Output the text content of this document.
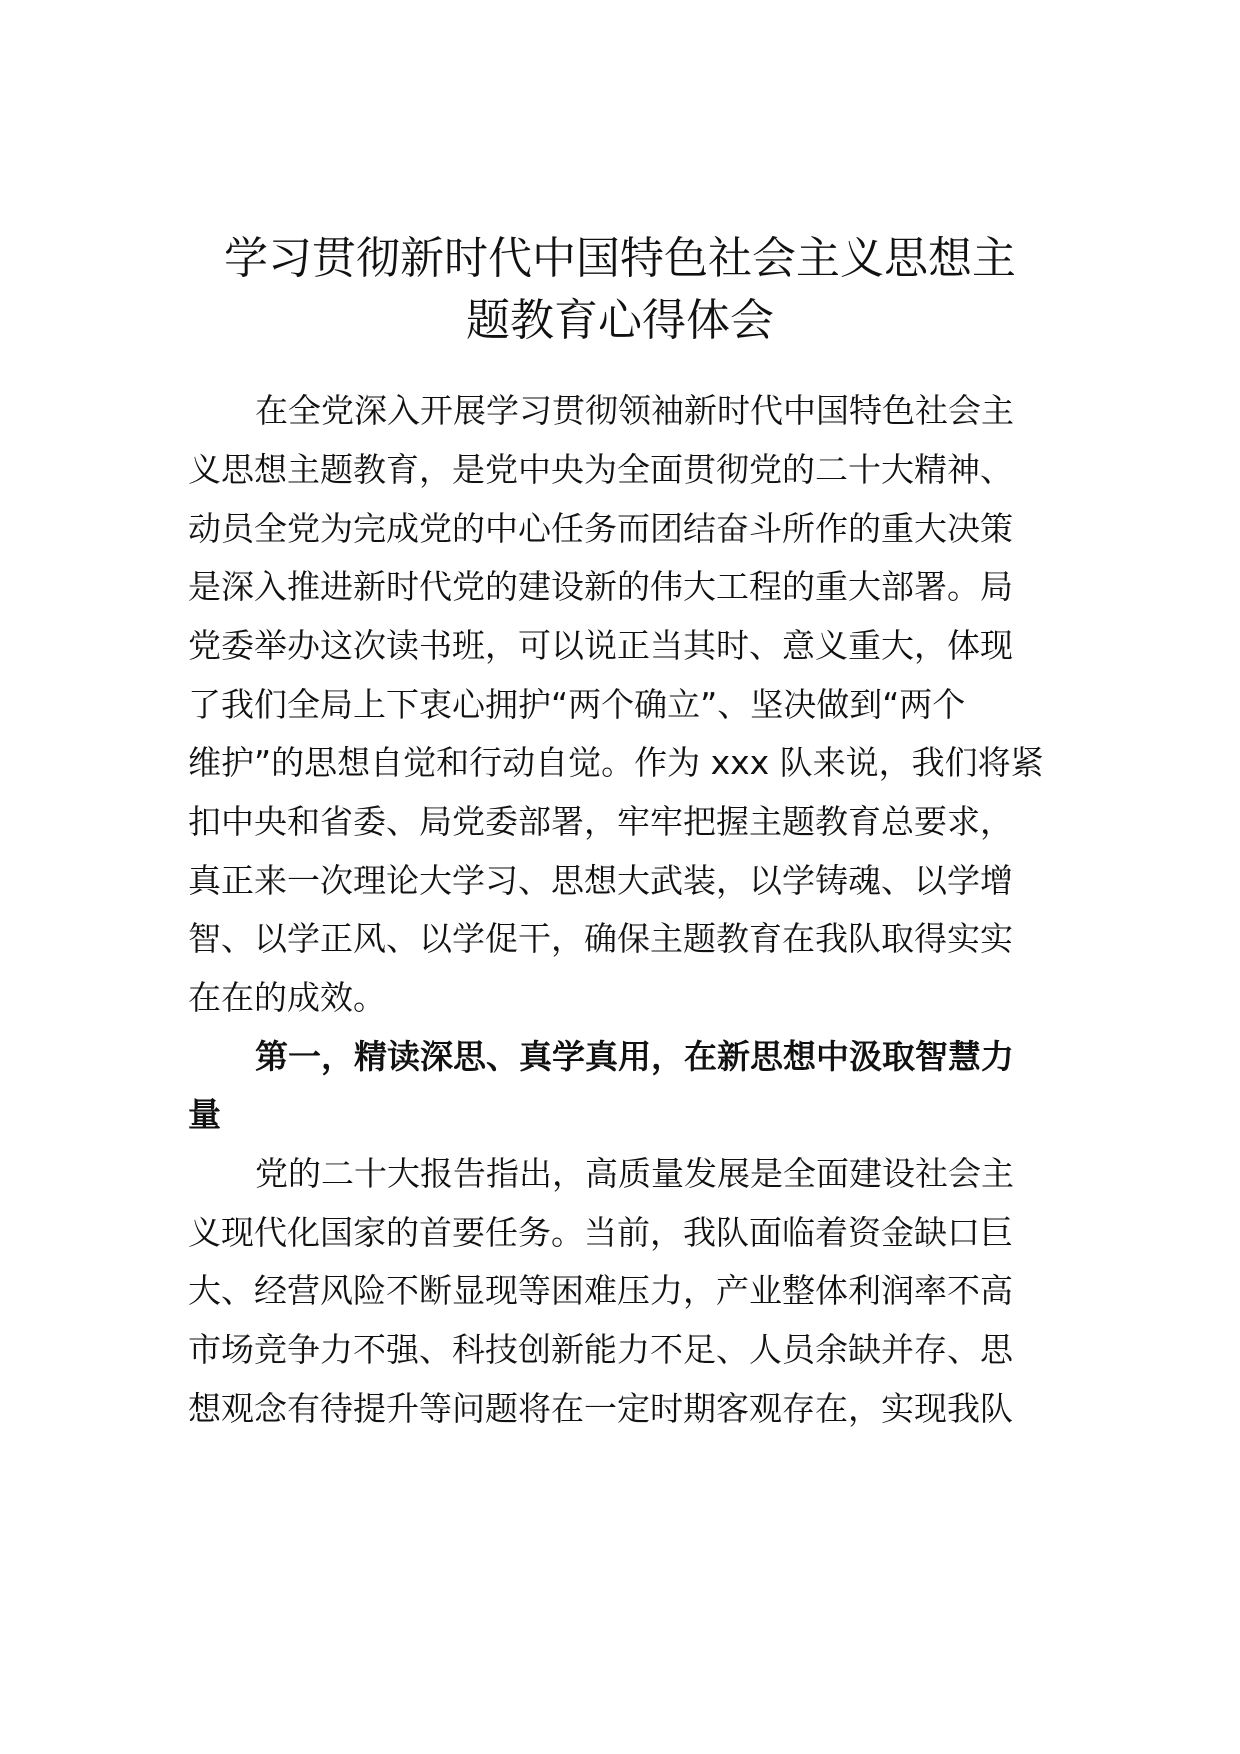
学习贯彻新时代中国特色社会主义思想主
题教育心得体会

在全党深入开展学习贯彻领袖新时代中国特色社会主

义思想主题教育，是党中央为全面贯彻党的二十大精神、

动员全党为完成党的中心任务而团结奋斗所作的重大决策

是深入推进新时代党的建设新的伟大工程的重大部署。局

党委举办这次读书班，可以说正当其时、意义重大，体现

了我们全局上下衷心拥护“两个确立”、坚决做到“两个

维护”的思想自觉和行动自觉。作为 xxx 队来说，我们将紧

扣中央和省委、局党委部署，牢牢把握主题教育总要求，

真正来一次理论大学习、思想大武装，以学铸魂、以学增

智、以学正风、以学促干，确保主题教育在我队取得实实

在在的成效。

第一，精读深思、真学真用，在新思想中汲取智慧力

量

党的二十大报告指出，高质量发展是全面建设社会主

义现代化国家的首要任务。当前，我队面临着资金缺口巨

大、经营风险不断显现等困难压力，产业整体利润率不高

市场竞争力不强、科技创新能力不足、人员余缺并存、思

想观念有待提升等问题将在一定时期客观存在，实现我队
